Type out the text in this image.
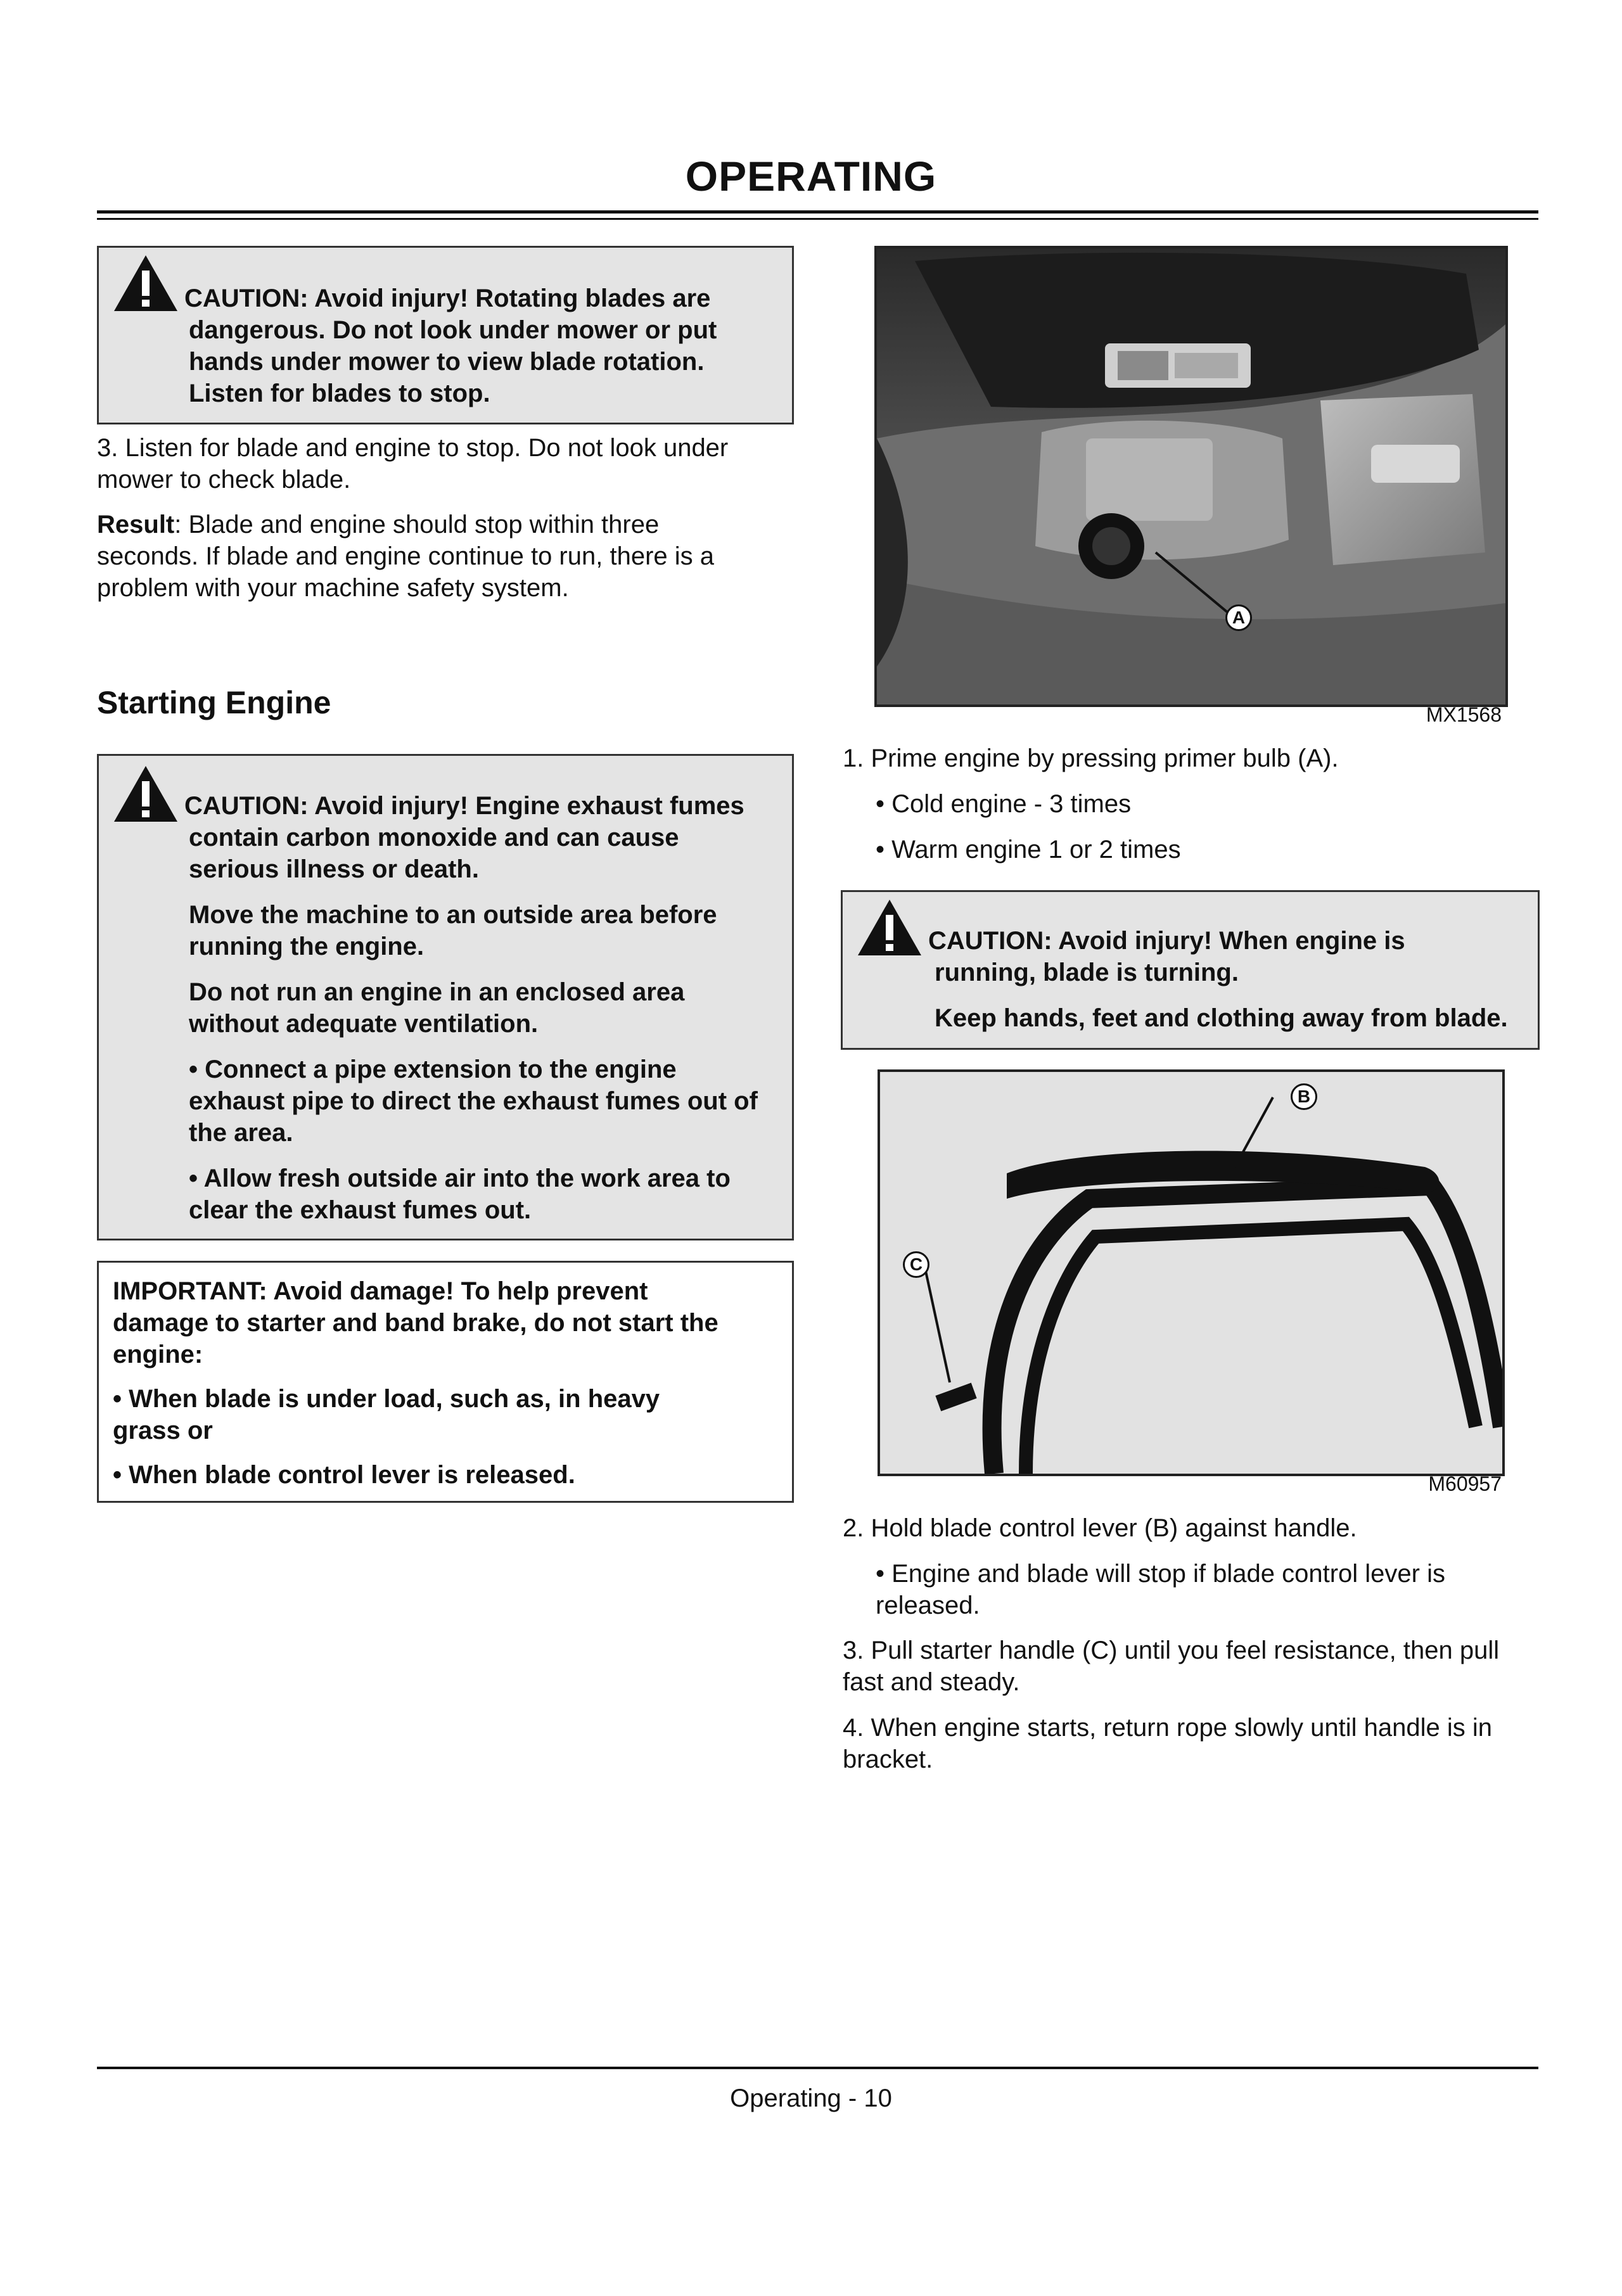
OPERATING

CAUTION: Avoid injury! Rotating blades are

dangerous. Do not look under mower or put

hands under mower to view blade rotation.

Listen for blades to stop.

3. Listen for blade and engine to stop. Do not look under

mower to check blade.

Result: Blade and engine should stop within three

seconds. If blade and engine continue to run, there is a

problem with your machine safety system.

Starting Engine

CAUTION: Avoid injury! Engine exhaust fumes

contain carbon monoxide and can cause

serious illness or death.

Move the machine to an outside area before

running the engine.

Do not run an engine in an enclosed area

without adequate ventilation.

• Connect a pipe extension to the engine

exhaust pipe to direct the exhaust fumes out of

the area.

• Allow fresh outside air into the work area to

clear the exhaust fumes out.

IMPORTANT: Avoid damage! To help prevent

damage to starter and band brake, do not start the

engine:

• When blade is under load, such as, in heavy

grass or

• When blade control lever is released.

A
MX1568

1. Prime engine by pressing primer bulb (A).

• Cold engine - 3 times

• Warm engine 1 or 2 times

CAUTION: Avoid injury! When engine is

running, blade is turning.

Keep hands, feet and clothing away from blade.

B
C
M60957

2. Hold blade control lever (B) against handle.

• Engine and blade will stop if blade control lever is

released.

3. Pull starter handle (C) until you feel resistance, then pull

fast and steady.

4. When engine starts, return rope slowly until handle is in

bracket.

Operating - 10
